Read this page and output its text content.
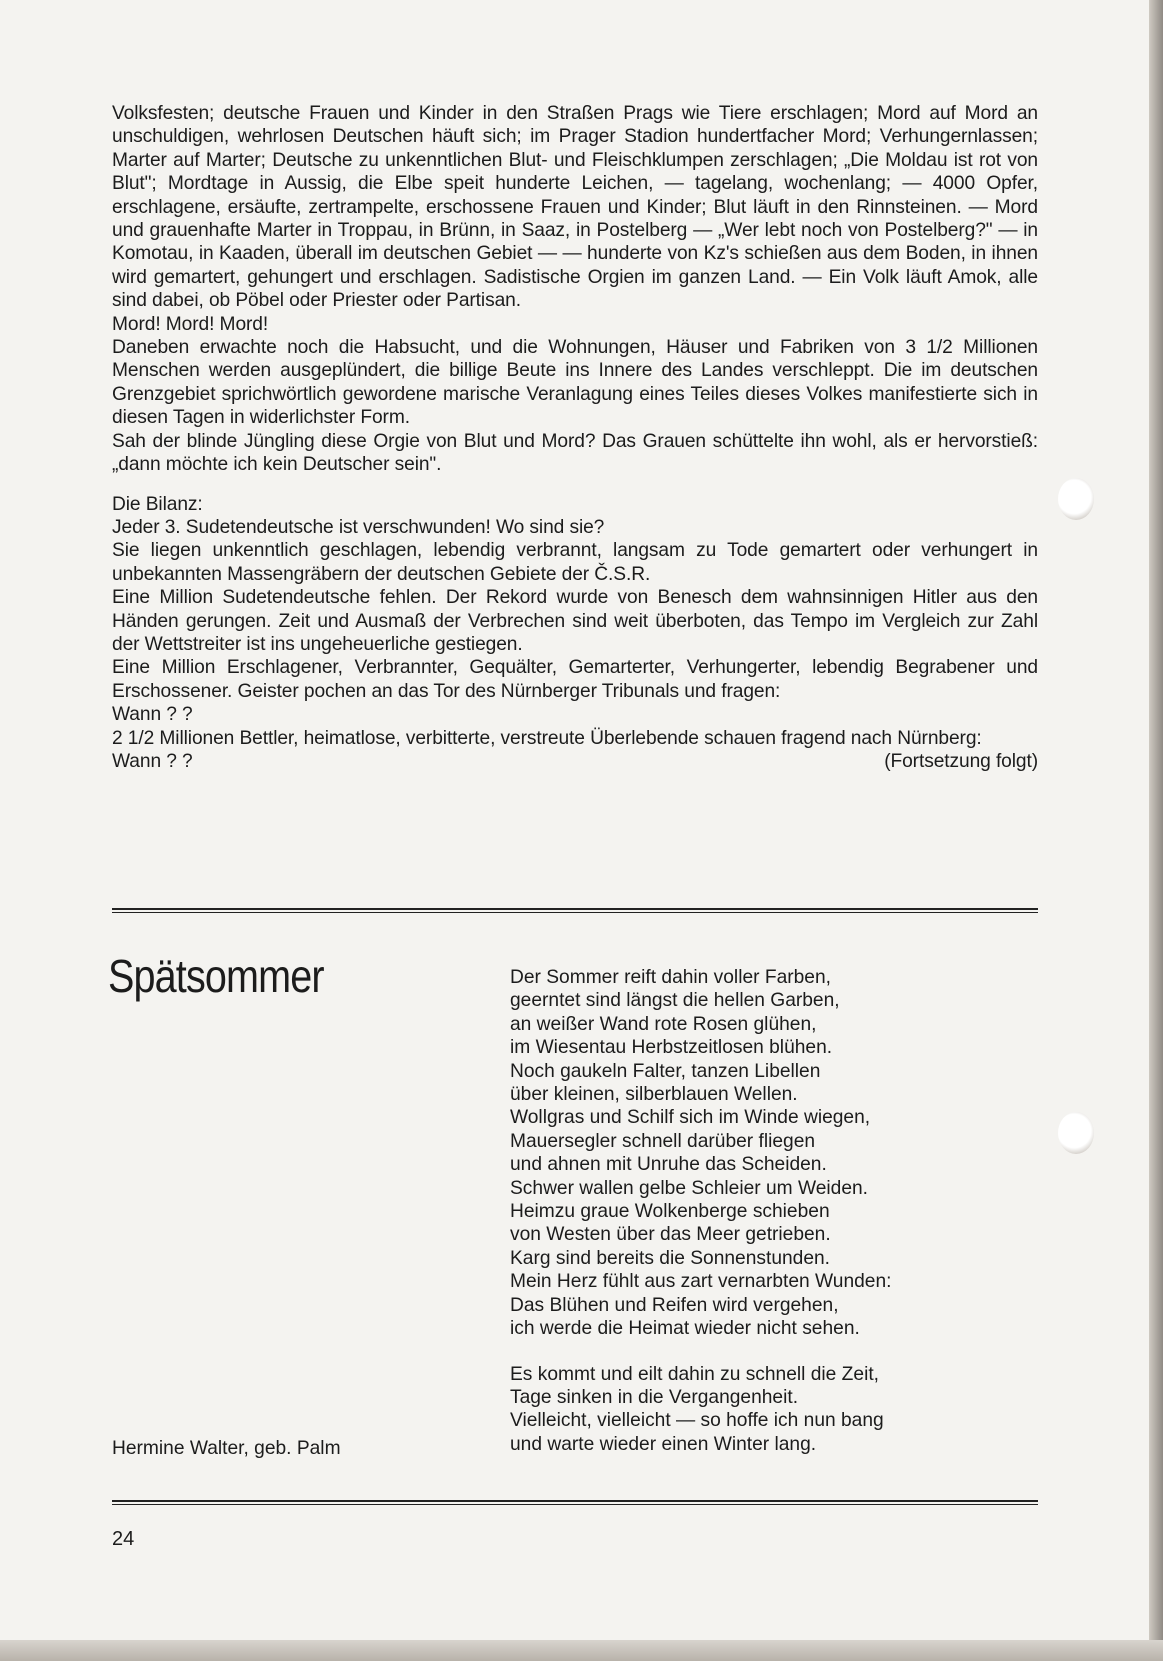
Volksfesten; deutsche Frauen und Kinder in den Straßen Prags wie Tiere erschlagen; Mord auf Mord an unschuldigen, wehrlosen Deutschen häuft sich; im Prager Stadion hundertfacher Mord; Verhungernlassen; Marter auf Marter; Deutsche zu unkenntlichen Blut- und Fleischklumpen zerschlagen; „Die Moldau ist rot von Blut"; Mordtage in Aussig, die Elbe speit hunderte Leichen, — tagelang, wochenlang; — 4000 Opfer, erschlagene, ersäufte, zertrampelte, erschossene Frauen und Kinder; Blut läuft in den Rinnsteinen. — Mord und grauenhafte Marter in Troppau, in Brünn, in Saaz, in Postelberg — „Wer lebt noch von Postelberg?" — in Komotau, in Kaaden, überall im deutschen Gebiet — — hunderte von Kz's schießen aus dem Boden, in ihnen wird gemartert, gehungert und erschlagen. Sadistische Orgien im ganzen Land. — Ein Volk läuft Amok, alle sind dabei, ob Pöbel oder Priester oder Partisan.

Mord! Mord! Mord!

Daneben erwachte noch die Habsucht, und die Wohnungen, Häuser und Fabriken von 3 1/2 Millionen Menschen werden ausgeplündert, die billige Beute ins Innere des Landes verschleppt. Die im deutschen Grenzgebiet sprichwörtlich gewordene marische Veranlagung eines Teiles dieses Volkes manifestierte sich in diesen Tagen in widerlichster Form.

Sah der blinde Jüngling diese Orgie von Blut und Mord? Das Grauen schüttelte ihn wohl, als er hervorstieß: „dann möchte ich kein Deutscher sein".

Die Bilanz:

Jeder 3. Sudetendeutsche ist verschwunden! Wo sind sie?

Sie liegen unkenntlich geschlagen, lebendig verbrannt, langsam zu Tode gemartert oder verhungert in unbekannten Massengräbern der deutschen Gebiete der Č.S.R.

Eine Million Sudetendeutsche fehlen. Der Rekord wurde von Benesch dem wahnsinnigen Hitler aus den Händen gerungen. Zeit und Ausmaß der Verbrechen sind weit überboten, das Tempo im Vergleich zur Zahl der Wettstreiter ist ins ungeheuerliche gestiegen.

Eine Million Erschlagener, Verbrannter, Gequälter, Gemarterter, Verhungerter, lebendig Begrabener und Erschossener. Geister pochen an das Tor des Nürnberger Tribunals und fragen:

Wann ? ?

2 1/2 Millionen Bettler, heimatlose, verbitterte, verstreute Überlebende schauen fragend nach Nürnberg:

Wann ? ?	(Fortsetzung folgt)
Spätsommer	Der Sommer reift dahin voller Farben,

geerntet sind längst die hellen Garben,

an weißer Wand rote Rosen glühen,

im Wiesentau Herbstzeitlosen blühen.

Noch gaukeln Falter, tanzen Libellen

über kleinen, silberblauen Wellen.

Wollgras und Schilf sich im Winde wiegen,

Mauersegler schnell darüber fliegen

und ahnen mit Unruhe das Scheiden.

Schwer wallen gelbe Schleier um Weiden.

Heimzu graue Wolkenberge schieben

von Westen über das Meer getrieben.

Karg sind bereits die Sonnenstunden.

Mein Herz fühlt aus zart vernarbten Wunden:

Das Blühen und Reifen wird vergehen,

ich werde die Heimat wieder nicht sehen.

Es kommt und eilt dahin zu schnell die Zeit,

Tage sinken in die Vergangenheit.

Vielleicht, vielleicht — so hoffe ich nun bang

und warte wieder einen Winter lang.

Hermine Walter, geb. Palm
24
